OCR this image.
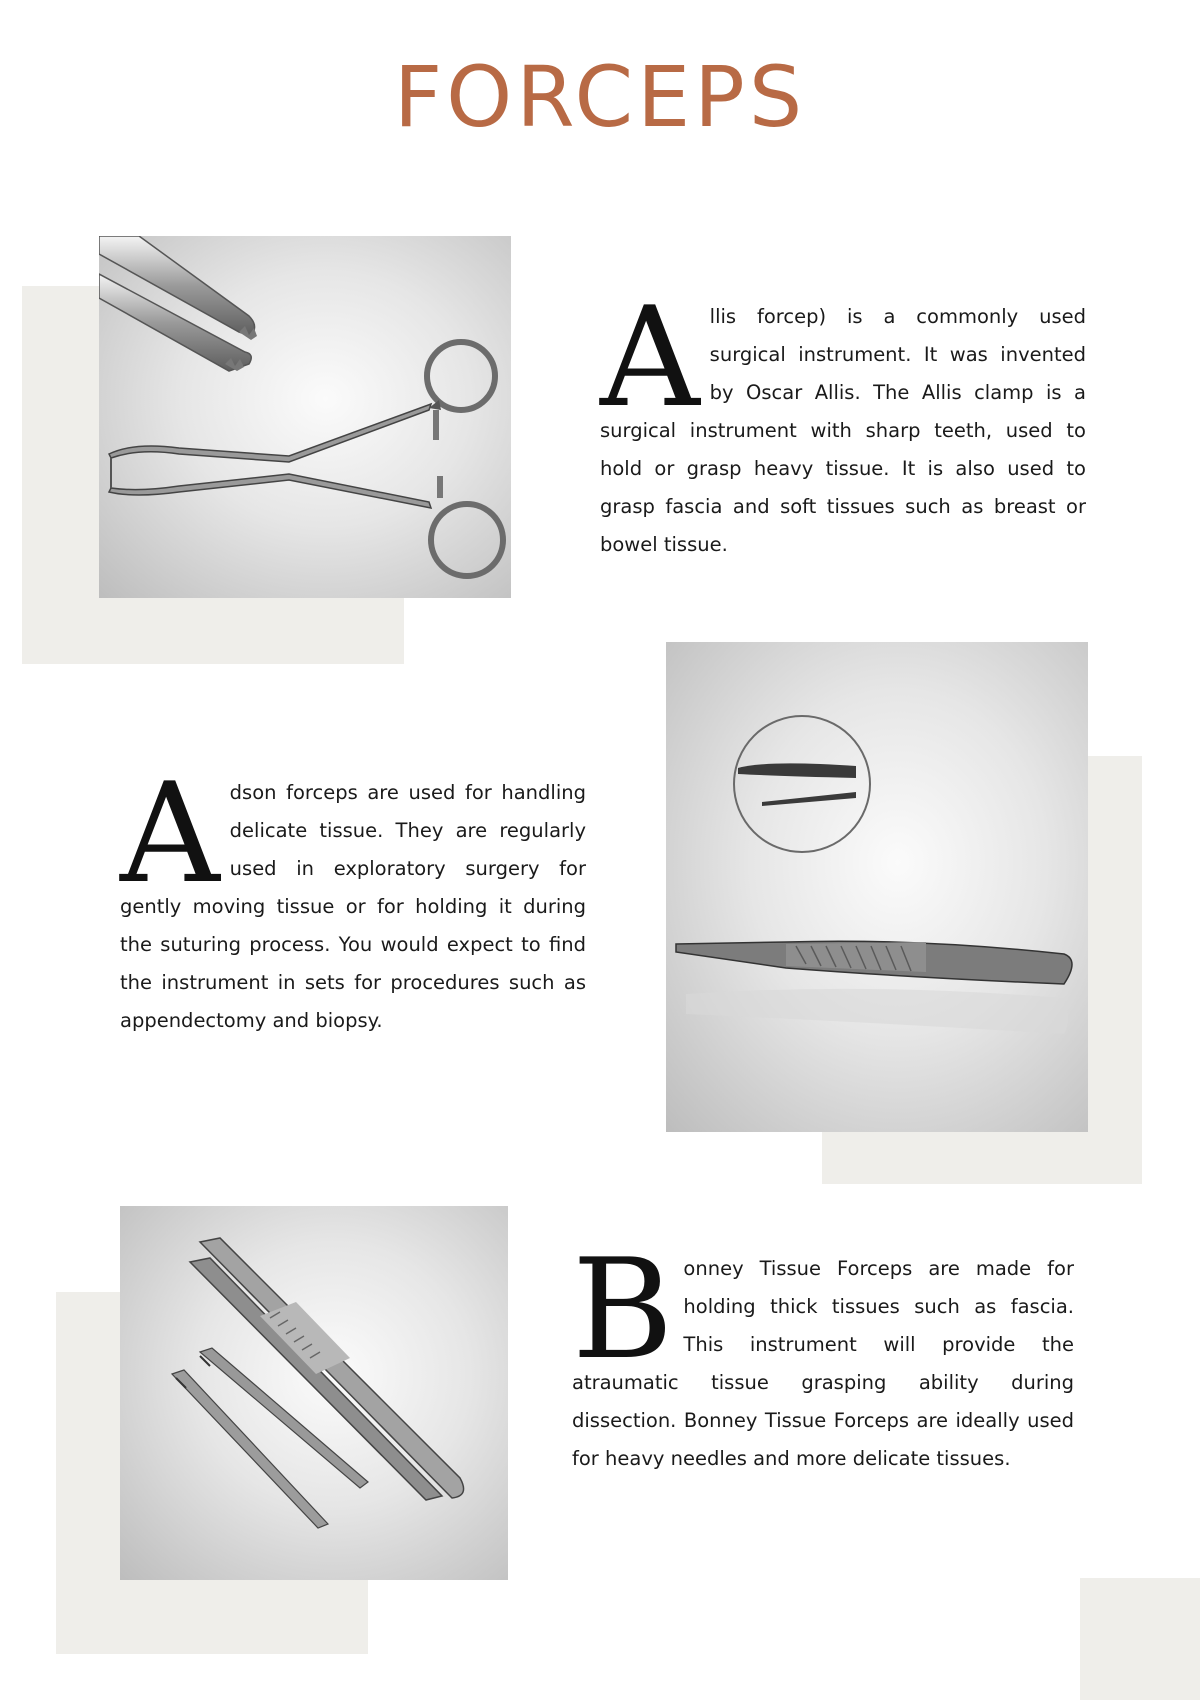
FORCEPS

Allis forcep) is a commonly used surgical instrument. It was invented by Oscar Allis. The Allis clamp is a surgical instrument with sharp teeth, used to hold or grasp heavy tissue. It is also used to grasp fascia and soft tissues such as breast or bowel tissue.

Adson forceps are used for handling delicate tissue. They are regularly used in exploratory surgery for gently moving tissue or for holding it during the suturing process. You would expect to find the instrument in sets for procedures such as appendectomy and biopsy.

Bonney Tissue Forceps are made for holding thick tissues such as fascia. This instrument will provide the atraumatic tissue grasping ability during dissection. Bonney Tissue Forceps are ideally used for heavy needles and more delicate tissues.
